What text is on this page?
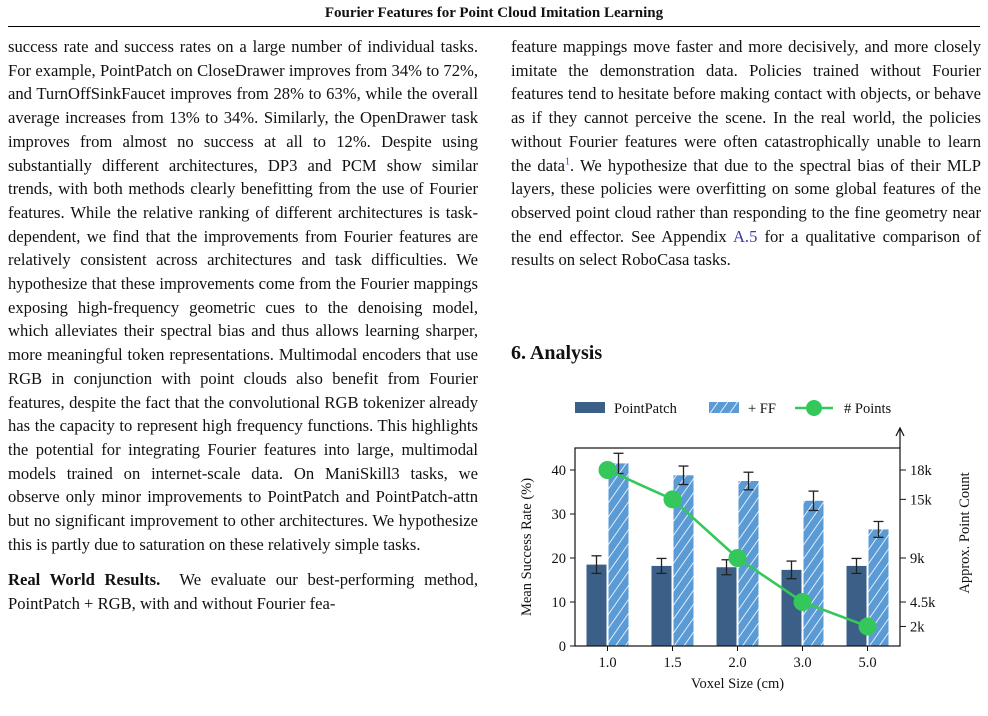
Fourier Features for Point Cloud Imitation Learning

success rate and success rates on a large number of individual tasks. For example, PointPatch on CloseDrawer improves from 34% to 72%, and TurnOffSinkFaucet improves from 28% to 63%, while the overall average increases from 13% to 34%. Similarly, the OpenDrawer task improves from almost no success at all to 12%. Despite using substantially different architectures, DP3 and PCM show similar trends, with both methods clearly benefitting from the use of Fourier features. While the relative ranking of different architectures is task-dependent, we find that the improvements from Fourier features are relatively consistent across architectures and task difficulties. We hypothesize that these improvements come from the Fourier mappings exposing high-frequency geometric cues to the denoising model, which alleviates their spectral bias and thus allows learning sharper, more meaningful token representations. Multimodal encoders that use RGB in conjunction with point clouds also benefit from Fourier features, despite the fact that the convolutional RGB tokenizer already has the capacity to represent high frequency functions. This highlights the potential for integrating Fourier features into large, multimodal models trained on internet-scale data. On ManiSkill3 tasks, we observe only minor improvements to PointPatch and PointPatch-attn but no significant improvement to other architectures. We hypothesize this is partly due to saturation on these relatively simple tasks.

Real World Results. We evaluate our best-performing method, PointPatch + RGB, with and without Fourier fea-

feature mappings move faster and more decisively, and more closely imitate the demonstration data. Policies trained without Fourier features tend to hesitate before making contact with objects, or behave as if they cannot perceive the scene. In the real world, the policies without Fourier features were often catastrophically unable to learn the data$^1$. We hypothesize that due to the spectral bias of their MLP layers, these policies were overfitting on some global features of the observed point cloud rather than responding to the fine geometry near the end effector. See Appendix A.5 for a qualitative comparison of results on select RoboCasa tasks.

6. Analysis
PointPatch	+ FF	# Points
0
10
20
30
40	18k
15k
9k
4.5k
2k
1.0	1.5	2.0	3.0	5.0
Voxel Size (cm)
Mean Success Rate (%)	Approx. Point Count
